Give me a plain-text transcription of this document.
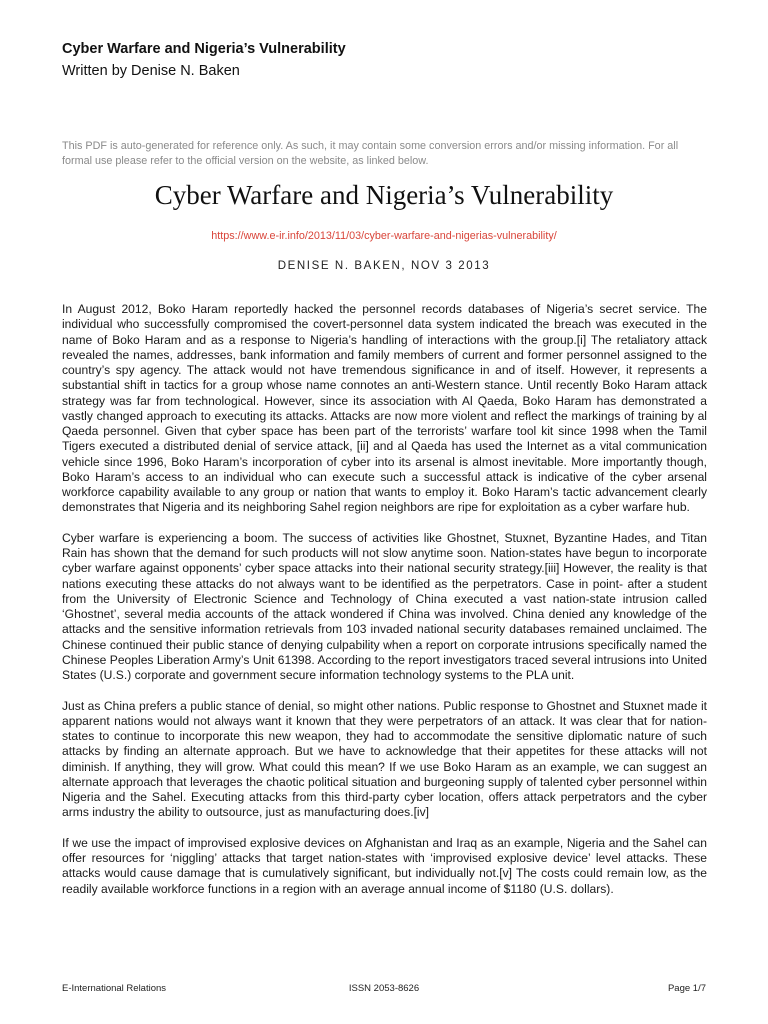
Cyber Warfare and Nigeria’s Vulnerability
Written by Denise N. Baken
This PDF is auto-generated for reference only. As such, it may contain some conversion errors and/or missing information. For all formal use please refer to the official version on the website, as linked below.
Cyber Warfare and Nigeria’s Vulnerability
https://www.e-ir.info/2013/11/03/cyber-warfare-and-nigerias-vulnerability/
DENISE N. BAKEN, NOV 3 2013

In August 2012, Boko Haram reportedly hacked the personnel records databases of Nigeria’s secret service. The individual who successfully compromised the covert-personnel data system indicated the breach was executed in the name of Boko Haram and as a response to Nigeria’s handling of interactions with the group.[i] The retaliatory attack revealed the names, addresses, bank information and family members of current and former personnel assigned to the country’s spy agency. The attack would not have tremendous significance in and of itself. However, it represents a substantial shift in tactics for a group whose name connotes an anti-Western stance. Until recently Boko Haram attack strategy was far from technological. However, since its association with Al Qaeda, Boko Haram has demonstrated a vastly changed approach to executing its attacks. Attacks are now more violent and reflect the markings of training by al Qaeda personnel. Given that cyber space has been part of the terrorists’ warfare tool kit since 1998 when the Tamil Tigers executed a distributed denial of service attack, [ii] and al Qaeda has used the Internet as a vital communication vehicle since 1996, Boko Haram’s incorporation of cyber into its arsenal is almost inevitable. More importantly though, Boko Haram’s access to an individual who can execute such a successful attack is indicative of the cyber arsenal workforce capability available to any group or nation that wants to employ it. Boko Haram’s tactic advancement clearly demonstrates that Nigeria and its neighboring Sahel region neighbors are ripe for exploitation as a cyber warfare hub.

Cyber warfare is experiencing a boom. The success of activities like Ghostnet, Stuxnet, Byzantine Hades, and Titan Rain has shown that the demand for such products will not slow anytime soon. Nation-states have begun to incorporate cyber warfare against opponents’ cyber space attacks into their national security strategy.[iii] However, the reality is that nations executing these attacks do not always want to be identified as the perpetrators. Case in point- after a student from the University of Electronic Science and Technology of China executed a vast nation-state intrusion called ‘Ghostnet’, several media accounts of the attack wondered if China was involved. China denied any knowledge of the attacks and the sensitive information retrievals from 103 invaded national security databases remained unclaimed. The Chinese continued their public stance of denying culpability when a report on corporate intrusions specifically named the Chinese Peoples Liberation Army’s Unit 61398. According to the report investigators traced several intrusions into United States (U.S.) corporate and government secure information technology systems to the PLA unit.

Just as China prefers a public stance of denial, so might other nations. Public response to Ghostnet and Stuxnet made it apparent nations would not always want it known that they were perpetrators of an attack. It was clear that for nation-states to continue to incorporate this new weapon, they had to accommodate the sensitive diplomatic nature of such attacks by finding an alternate approach. But we have to acknowledge that their appetites for these attacks will not diminish. If anything, they will grow. What could this mean? If we use Boko Haram as an example, we can suggest an alternate approach that leverages the chaotic political situation and burgeoning supply of talented cyber personnel within Nigeria and the Sahel. Executing attacks from this third-party cyber location, offers attack perpetrators and the cyber arms industry the ability to outsource, just as manufacturing does.[iv]

If we use the impact of improvised explosive devices on Afghanistan and Iraq as an example, Nigeria and the Sahel can offer resources for ‘niggling’ attacks that target nation-states with ‘improvised explosive device’ level attacks. These attacks would cause damage that is cumulatively significant, but individually not.[v] The costs could remain low, as the readily available workforce functions in a region with an average annual income of $1180 (U.S. dollars).

E-International Relations	ISSN 2053-8626	Page 1/7
